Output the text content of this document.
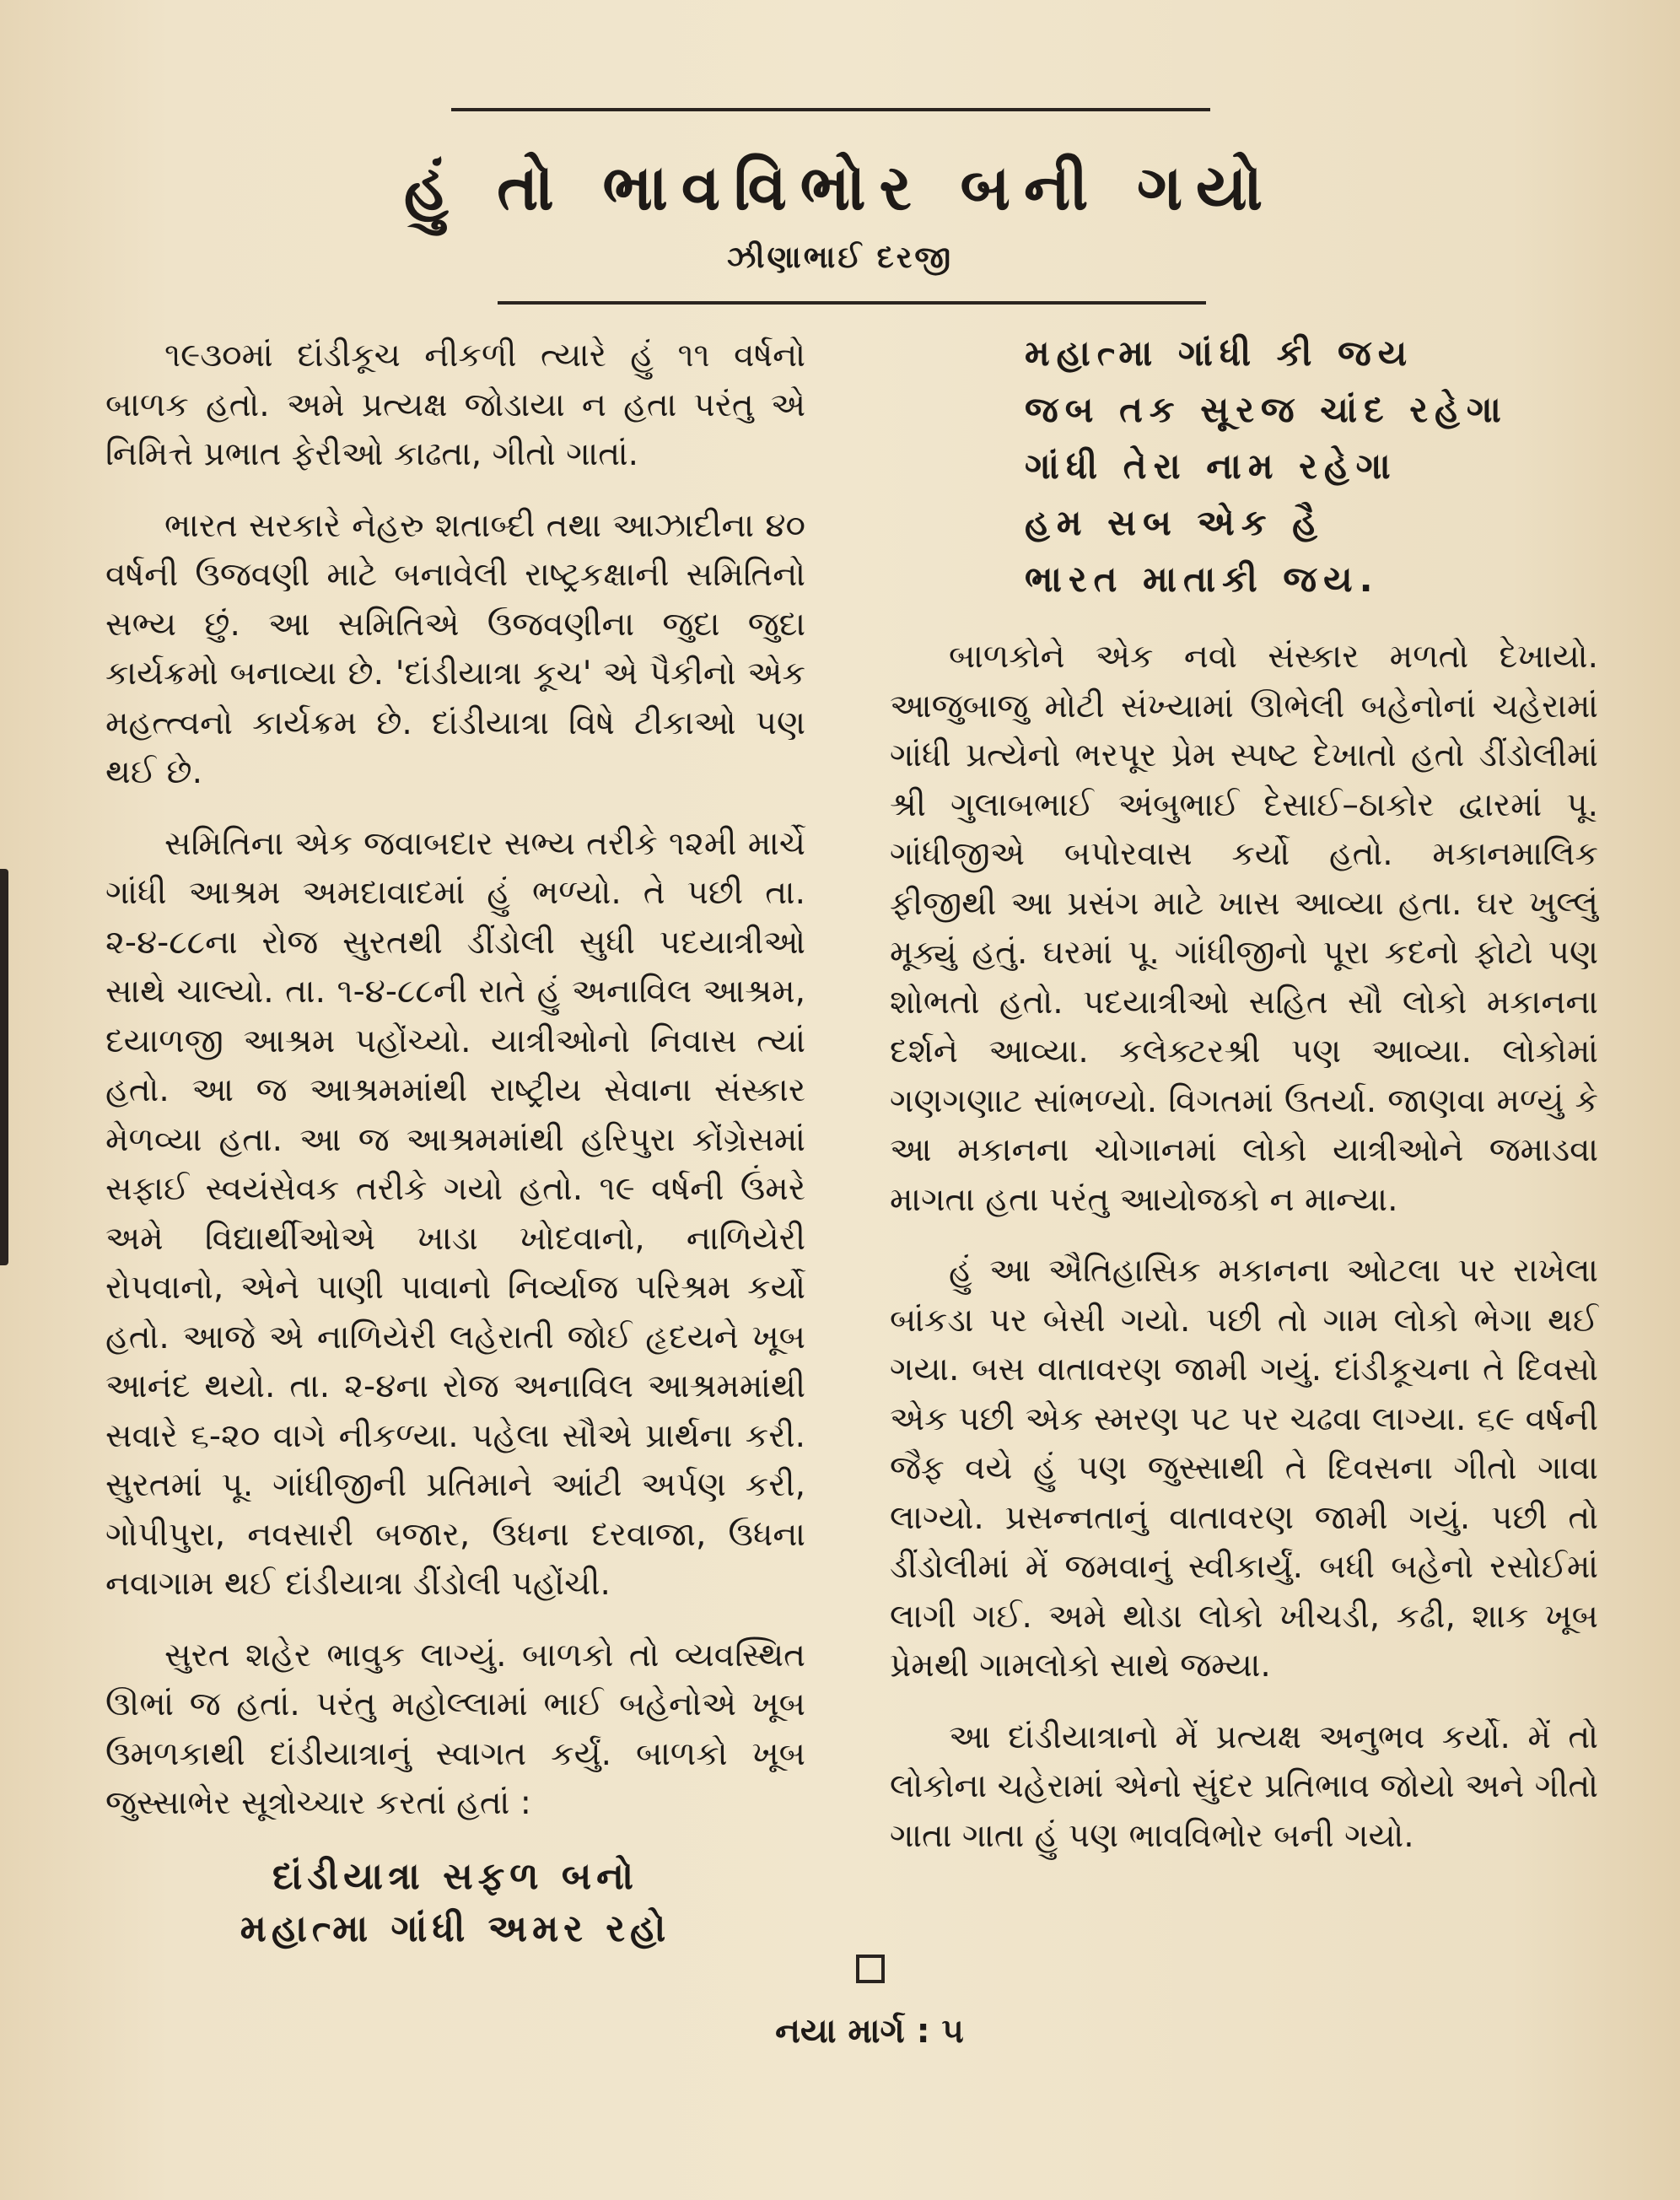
હું તો ભાવવિભોર બની ગયો
ઝીણાભાઈ દરજી

૧૯૩૦માં દાંડીકૂચ નીકળી ત્યારે હું ૧૧ વર્ષનો બાળક હતો. અમે પ્રત્યક્ષ જોડાયા ન હતા પરંતુ એ નિમિત્તે પ્રભાત ફેરીઓ કાઢતા, ગીતો ગાતાં.

ભારત સરકારે નેહરુ શતાબ્દી તથા આઝાદીના ૪૦ વર્ષની ઉજવણી માટે બનાવેલી રાષ્ટ્રકક્ષાની સમિતિનો સભ્ય છું. આ સમિતિએ ઉજવણીના જુદા જુદા કાર્યક્રમો બનાવ્યા છે. 'દાંડીયાત્રા કૂચ' એ પૈકીનો એક મહત્ત્વનો કાર્યક્રમ છે. દાંડીયાત્રા વિષે ટીકાઓ પણ થઈ છે.

સમિતિના એક જવાબદાર સભ્ય તરીકે ૧૨મી માર્ચે ગાંધી આશ્રમ અમદાવાદમાં હું ભળ્યો. તે પછી તા. ૨-૪-૮૮ના રોજ સુરતથી ડીંડોલી સુધી પદયાત્રીઓ સાથે ચાલ્યો. તા. ૧-૪-૮૮ની રાતે હું અનાવિલ આશ્રમ, દયાળજી આશ્રમ પહોંચ્યો. યાત્રીઓનો નિવાસ ત્યાં હતો. આ જ આશ્રમમાંથી રાષ્ટ્રીય સેવાના સંસ્કાર મેળવ્યા હતા. આ જ આશ્રમમાંથી હરિપુરા કોંગ્રેસમાં સફાઈ સ્વયંસેવક તરીકે ગયો હતો. ૧૯ વર્ષની ઉંમરે અમે વિદ્યાર્થીઓએ ખાડા ખોદવાનો, નાળિયેરી રોપવાનો, એને પાણી પાવાનો નિર્વ્યાજ પરિશ્રમ કર્યો હતો. આજે એ નાળિયેરી લહેરાતી જોઈ હૃદયને ખૂબ આનંદ થયો. તા. ૨-૪ના રોજ અનાવિલ આશ્રમમાંથી સવારે ૬-૨૦ વાગે નીકળ્યા. પહેલા સૌએ પ્રાર્થના કરી. સુરતમાં પૂ. ગાંધીજીની પ્રતિમાને આંટી અર્પણ કરી, ગોપીપુરા, નવસારી બજાર, ઉધના દરવાજા, ઉધના નવાગામ થઈ દાંડીયાત્રા ડીંડોલી પહોંચી.

સુરત શહેર ભાવુક લાગ્યું. બાળકો તો વ્યવસ્થિત ઊભાં જ હતાં. પરંતુ મહોલ્લામાં ભાઈ બહેનોએ ખૂબ ઉમળકાથી દાંડીયાત્રાનું સ્વાગત કર્યું. બાળકો ખૂબ જુસ્સાભેર સૂત્રોચ્ચાર કરતાં હતાં :

દાંડીયાત્રા સફળ બનો
મહાત્મા ગાંધી અમર રહો
મહાત્મા ગાંધી કી જય
જબ તક સૂરજ ચાંદ રહેગા
ગાંધી તેરા નામ રહેગા
હમ સબ એક હૈ
ભારત માતાકી જય.

બાળકોને એક નવો સંસ્કાર મળતો દેખાયો. આજુબાજુ મોટી સંખ્યામાં ઊભેલી બહેનોનાં ચહેરામાં ગાંધી પ્રત્યેનો ભરપૂર પ્રેમ સ્પષ્ટ દેખાતો હતો ડીંડોલીમાં શ્રી ગુલાબભાઈ અંબુભાઈ દેસાઈ–ઠાકોર દ્વારમાં પૂ. ગાંધીજીએ બપોરવાસ કર્યો હતો. મકાનમાલિક ફીજીથી આ પ્રસંગ માટે ખાસ આવ્યા હતા. ઘર ખુલ્લું મૂક્યું હતું. ઘરમાં પૂ. ગાંધીજીનો પૂરા કદનો ફોટો પણ શોભતો હતો. પદયાત્રીઓ સહિત સૌ લોકો મકાનના દર્શને આવ્યા. કલેક્ટરશ્રી પણ આવ્યા. લોકોમાં ગણગણાટ સાંભળ્યો. વિગતમાં ઉતર્યા. જાણવા મળ્યું કે આ મકાનના ચોગાનમાં લોકો યાત્રીઓને જમાડવા માગતા હતા પરંતુ આયોજકો ન માન્યા.

હું આ ઐતિહાસિક મકાનના ઓટલા પર રાખેલા બાંકડા પર બેસી ગયો. પછી તો ગામ લોકો ભેગા થઈ ગયા. બસ વાતાવરણ જામી ગયું. દાંડીકૂચના તે દિવસો એક પછી એક સ્મરણ પટ પર ચઢવા લાગ્યા. ૬૯ વર્ષની જૈફ વયે હું પણ જુસ્સાથી તે દિવસના ગીતો ગાવા લાગ્યો. પ્રસન્નતાનું વાતાવરણ જામી ગયું. પછી તો ડીંડોલીમાં મેં જમવાનું સ્વીકાર્યું. બધી બહેનો રસોઈમાં લાગી ગઈ. અમે થોડા લોકો ખીચડી, કઢી, શાક ખૂબ પ્રેમથી ગામલોકો સાથે જમ્યા.

આ દાંડીયાત્રાનો મેં પ્રત્યક્ષ અનુભવ કર્યો. મેં તો લોકોના ચહેરામાં એનો સુંદર પ્રતિભાવ જોયો અને ગીતો ગાતા ગાતા હું પણ ભાવવિભોર બની ગયો.

નયા માર્ગ : ૫
